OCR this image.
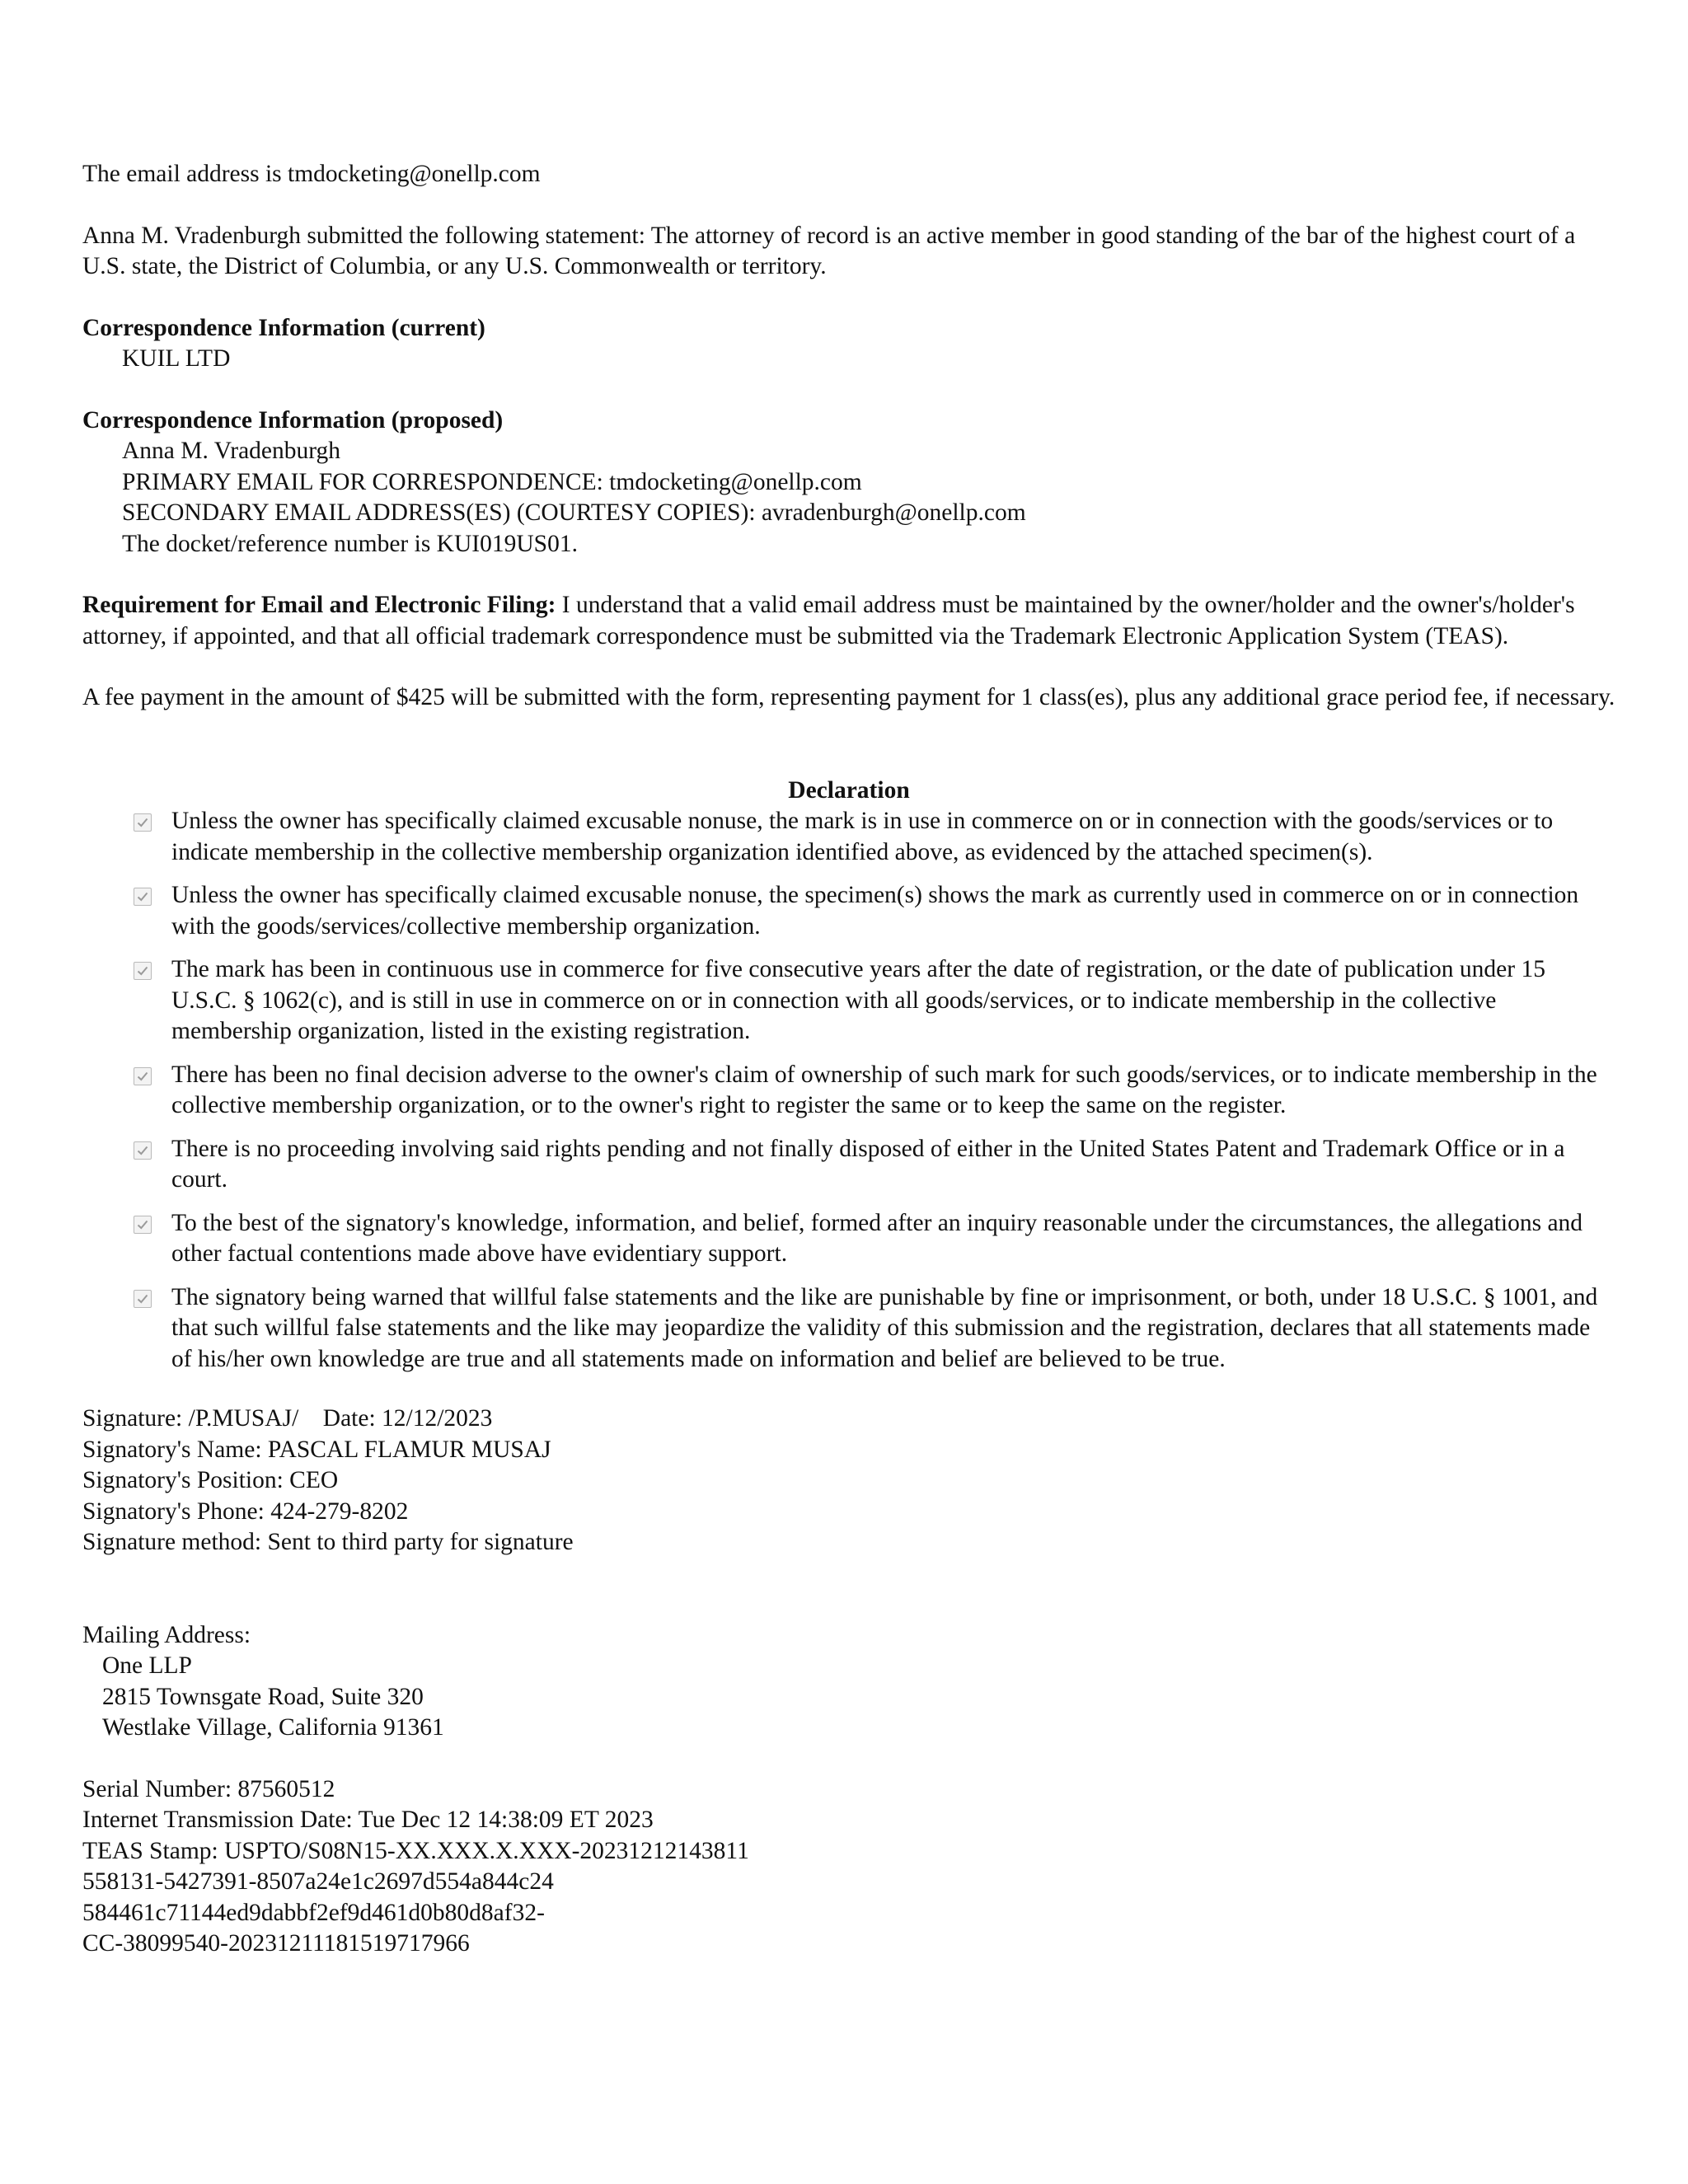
The email address is tmdocketing@onellp.com

Anna M. Vradenburgh submitted the following statement: The attorney of record is an active member in good standing of the bar of the highest court of a U.S. state, the District of Columbia, or any U.S. Commonwealth or territory.

Correspondence Information (current)

KUIL LTD

Correspondence Information (proposed)

Anna M. Vradenburgh

PRIMARY EMAIL FOR CORRESPONDENCE: tmdocketing@onellp.com

SECONDARY EMAIL ADDRESS(ES) (COURTESY COPIES): avradenburgh@onellp.com

The docket/reference number is KUI019US01.

Requirement for Email and Electronic Filing: I understand that a valid email address must be maintained by the owner/holder and the owner's/holder's attorney, if appointed, and that all official trademark correspondence must be submitted via the Trademark Electronic Application System (TEAS).

A fee payment in the amount of $425 will be submitted with the form, representing payment for 1 class(es), plus any additional grace period fee, if necessary.

Declaration

Unless the owner has specifically claimed excusable nonuse, the mark is in use in commerce on or in connection with the goods/services or to indicate membership in the collective membership organization identified above, as evidenced by the attached specimen(s).
Unless the owner has specifically claimed excusable nonuse, the specimen(s) shows the mark as currently used in commerce on or in connection with the goods/services/collective membership organization.
The mark has been in continuous use in commerce for five consecutive years after the date of registration, or the date of publication under 15 U.S.C. § 1062(c), and is still in use in commerce on or in connection with all goods/services, or to indicate membership in the collective membership organization, listed in the existing registration.
There has been no final decision adverse to the owner's claim of ownership of such mark for such goods/services, or to indicate membership in the collective membership organization, or to the owner's right to register the same or to keep the same on the register.
There is no proceeding involving said rights pending and not finally disposed of either in the United States Patent and Trademark Office or in a court.
To the best of the signatory's knowledge, information, and belief, formed after an inquiry reasonable under the circumstances, the allegations and other factual contentions made above have evidentiary support.
The signatory being warned that willful false statements and the like are punishable by fine or imprisonment, or both, under 18 U.S.C. § 1001, and that such willful false statements and the like may jeopardize the validity of this submission and the registration, declares that all statements made of his/her own knowledge are true and all statements made on information and belief are believed to be true.

Signature: /P.MUSAJ/    Date: 12/12/2023

Signatory's Name: PASCAL FLAMUR MUSAJ

Signatory's Position: CEO

Signatory's Phone: 424-279-8202

Signature method: Sent to third party for signature

Mailing Address:

One LLP

2815 Townsgate Road, Suite 320

Westlake Village, California 91361

Serial Number: 87560512

Internet Transmission Date: Tue Dec 12 14:38:09 ET 2023

TEAS Stamp: USPTO/S08N15-XX.XXX.X.XXX-20231212143811

558131-5427391-8507a24e1c2697d554a844c24

584461c71144ed9dabbf2ef9d461d0b80d8af32-

CC-38099540-20231211181519717966
